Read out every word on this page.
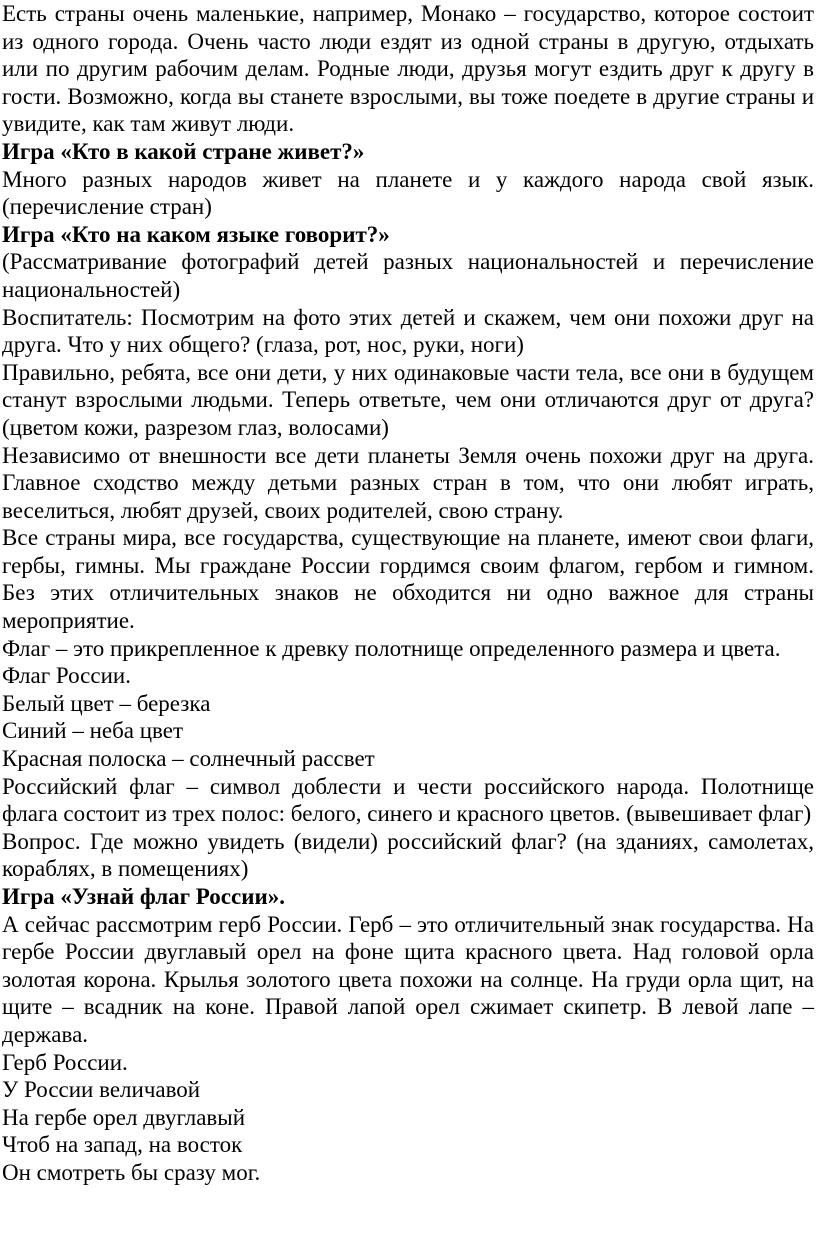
Есть страны очень маленькие, например, Монако – государство, которое состоит из одного города. Очень часто люди ездят из одной страны в другую, отдыхать или по другим рабочим делам. Родные люди, друзья могут ездить друг к другу в гости. Возможно, когда вы станете взрослыми, вы тоже поедете в другие страны и увидите, как там живут люди.

Игра «Кто в какой стране живет?»

Много разных народов живет на планете и у каждого народа свой язык. (перечисление стран)

Игра «Кто на каком языке говорит?»

(Рассматривание фотографий детей разных национальностей и перечисление национальностей)

Воспитатель: Посмотрим на фото этих детей и скажем, чем они похожи друг на друга. Что у них общего? (глаза, рот, нос, руки, ноги)

Правильно, ребята, все они дети, у них одинаковые части тела, все они в будущем станут взрослыми людьми. Теперь ответьте, чем они отличаются друг от друга? (цветом кожи, разрезом глаз, волосами)

Независимо от внешности все дети планеты Земля очень похожи друг на друга. Главное сходство между детьми разных стран в том, что они любят играть, веселиться, любят друзей, своих родителей, свою страну.

Все страны мира, все государства, существующие на планете, имеют свои флаги, гербы, гимны. Мы граждане России гордимся своим флагом, гербом и гимном. Без этих отличительных знаков не обходится ни одно важное для страны мероприятие.

Флаг – это прикрепленное к древку полотнище определенного размера и цвета.

Флаг России.

Белый цвет – березка

Синий – неба цвет

Красная полоска – солнечный рассвет

Российский флаг – символ доблести и чести российского народа. Полотнище флага состоит из трех полос: белого, синего и красного цветов. (вывешивает флаг)

Вопрос. Где можно увидеть (видели) российский флаг? (на зданиях, самолетах, кораблях, в помещениях)

Игра «Узнай флаг России».

А сейчас рассмотрим герб России. Герб – это отличительный знак государства. На гербе России двуглавый орел на фоне щита красного цвета. Над головой орла золотая корона. Крылья золотого цвета похожи на солнце. На груди орла щит, на щите – всадник на коне. Правой лапой орел сжимает скипетр. В левой лапе – держава.

Герб России.

У России величавой

На гербе орел двуглавый

Чтоб на запад, на восток

Он смотреть бы сразу мог.
